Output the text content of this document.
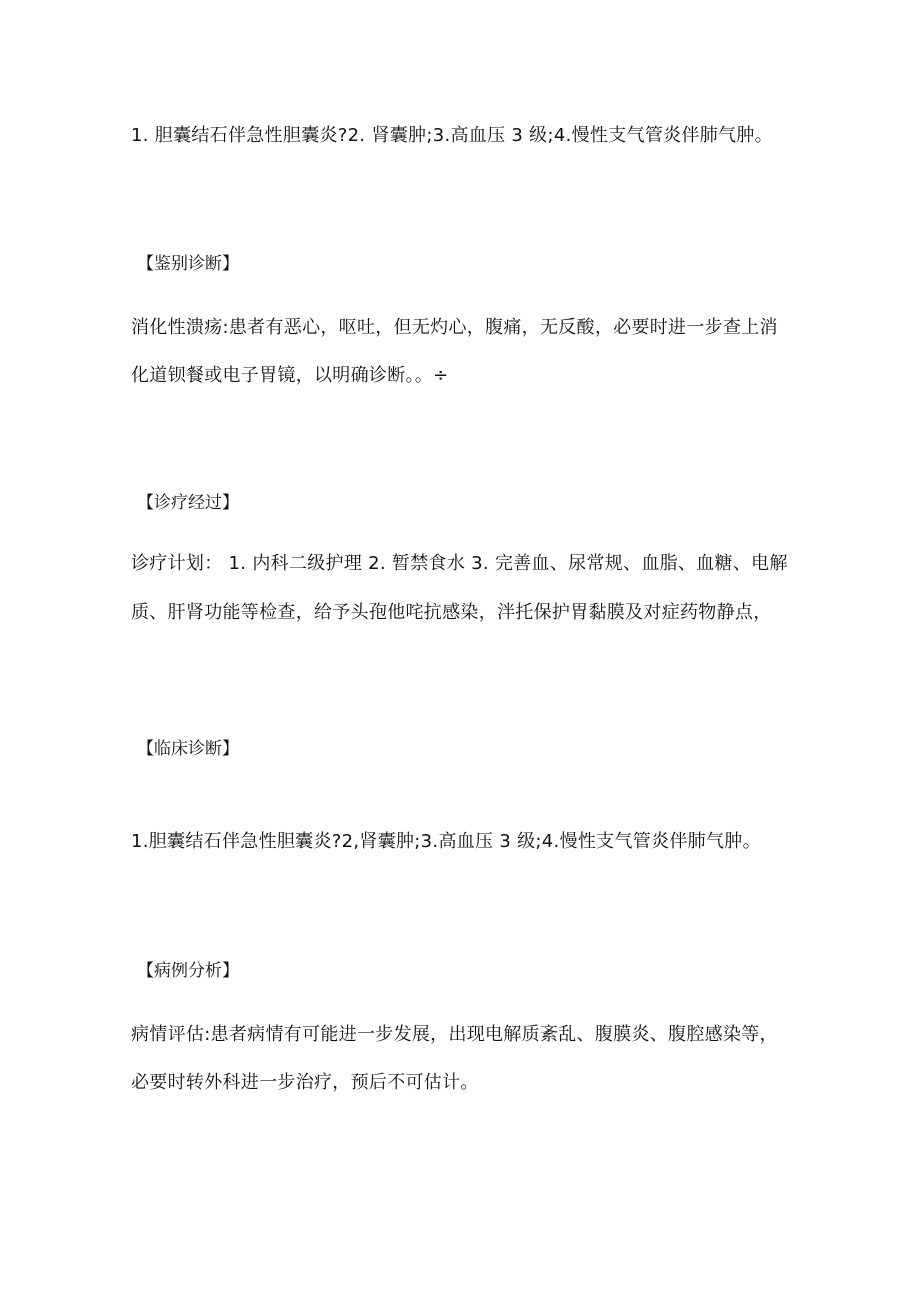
1. 胆囊结石伴急性胆囊炎?2. 肾囊肿;3.高血压 3 级;4.慢性支气管炎伴肺气肿。
【鉴别诊断】
消化性溃疡:患者有恶心，呕吐，但无灼心，腹痛，无反酸，必要时进一步查上消
化道钡餐或电子胃镜，以明确诊断。。÷
【诊疗经过】
诊疗计划： 1. 内科二级护理 2. 暂禁食水 3. 完善血、尿常规、血脂、血糖、电解
质、肝肾功能等检查，给予头孢他咤抗感染，泮托保护胃黏膜及对症药物静点，
【临床诊断】
1.胆囊结石伴急性胆囊炎?2,肾囊肿;3.高血压 3 级;4.慢性支气管炎伴肺气肿。
【病例分析】
病情评估:患者病情有可能进一步发展，出现电解质紊乱、腹膜炎、腹腔感染等，
必要时转外科进一步治疗，预后不可估计。
